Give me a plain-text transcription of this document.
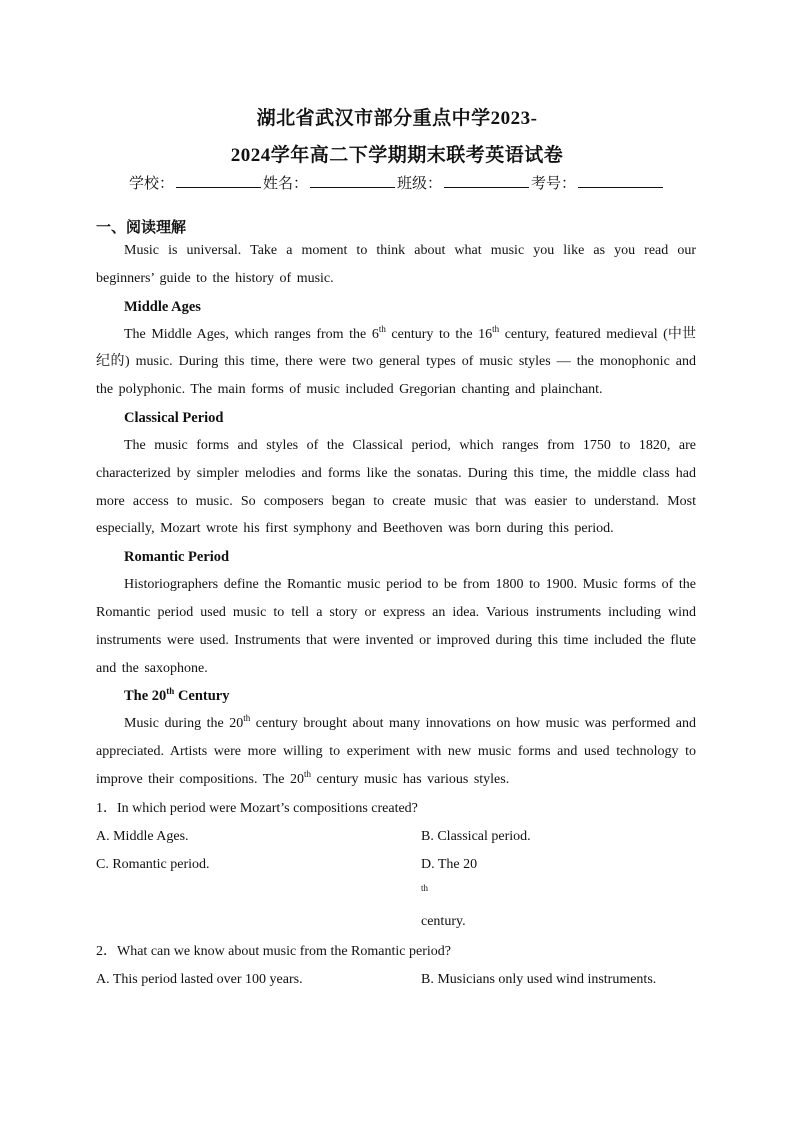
湖北省武汉市部分重点中学2023-
2024学年高二下学期期末联考英语试卷
学校：	姓名：	班级：	考号：
一、阅读理解

Music is universal. Take a moment to think about what music you like as you read our beginners’ guide to the history of music.

Middle Ages

The Middle Ages, which ranges from the 6th century to the 16th century, featured medieval (中世纪的) music. During this time, there were two general types of music styles — the monophonic and the polyphonic. The main forms of music included Gregorian chanting and plainchant.

Classical Period

The music forms and styles of the Classical period, which ranges from 1750 to 1820, are characterized by simpler melodies and forms like the sonatas. During this time, the middle class had more access to music. So composers began to create music that was easier to understand. Most especially, Mozart wrote his first symphony and Beethoven was born during this period.

Romantic Period

Historiographers define the Romantic music period to be from 1800 to 1900. Music forms of the Romantic period used music to tell a story or express an idea. Various instruments including wind instruments were used. Instruments that were invented or improved during this time included the flute and the saxophone.

The 20th Century

Music during the 20th century brought about many innovations on how music was performed and appreciated. Artists were more willing to experiment with new music forms and used technology to improve their compositions. The 20th century music has various styles.

1．In which period were Mozart’s compositions created?

A. Middle Ages.	B. Classical period.
C. Romantic period.	D. The 20
$^{th}$
century.

2．What can we know about music from the Romantic period?

A. This period lasted over 100 years.	B. Musicians only used wind instruments.
